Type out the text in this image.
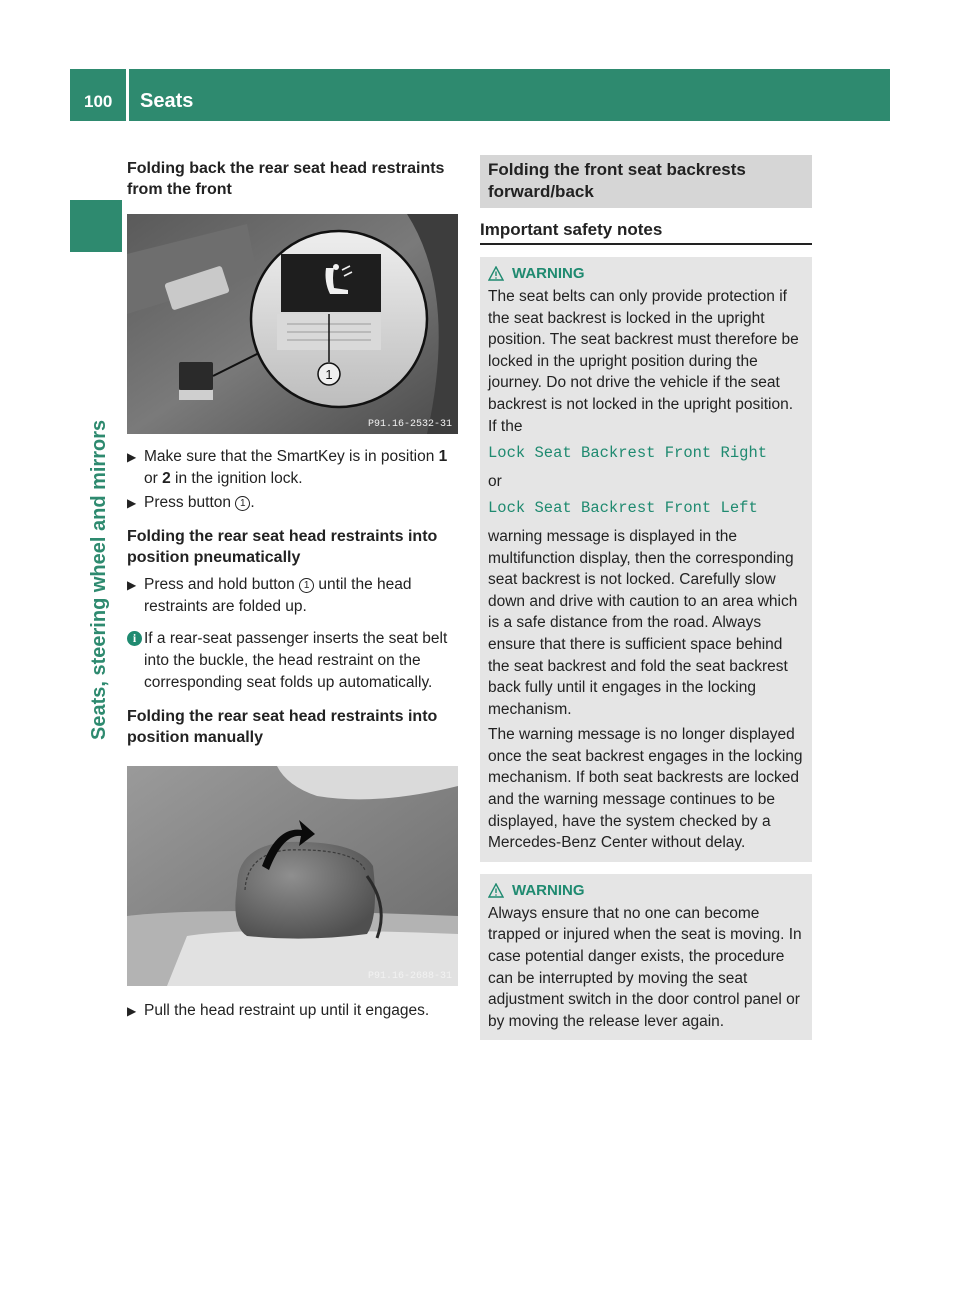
100 Seats
Seats, steering wheel and mirrors
Folding back the rear seat head restraints from the front
1
P91.16-2532-31
▶ Make sure that the SmartKey is in position 1 or 2 in the ignition lock.
▶ Press button 1 .
Folding the rear seat head restraints into position pneumatically
▶ Press and hold button 1 until the head restraints are folded up.
i If a rear-seat passenger inserts the seat belt into the buckle, the head restraint on the corresponding seat folds up automatically.
Folding the rear seat head restraints into position manually
P91.16-2688-31
▶ Pull the head restraint up until it engages.
Folding the front seat backrests forward/back
Important safety notes
WARNING
The seat belts can only provide protection if the seat backrest is locked in the upright position. The seat backrest must therefore be locked in the upright position during the journey. Do not drive the vehicle if the seat backrest is not locked in the upright position. If the
Lock Seat Backrest Front Right
or
Lock Seat Backrest Front Left
warning message is displayed in the multifunction display, then the corresponding seat backrest is not locked. Carefully slow down and drive with caution to an area which is a safe distance from the road. Always ensure that there is sufficient space behind the seat backrest and fold the seat backrest back fully until it engages in the locking mechanism.
The warning message is no longer displayed once the seat backrest engages in the locking mechanism. If both seat backrests are locked and the warning message continues to be displayed, have the system checked by a Mercedes-Benz Center without delay.
WARNING
Always ensure that no one can become trapped or injured when the seat is moving. In case potential danger exists, the procedure can be interrupted by moving the seat adjustment switch in the door control panel or by moving the release lever again.
